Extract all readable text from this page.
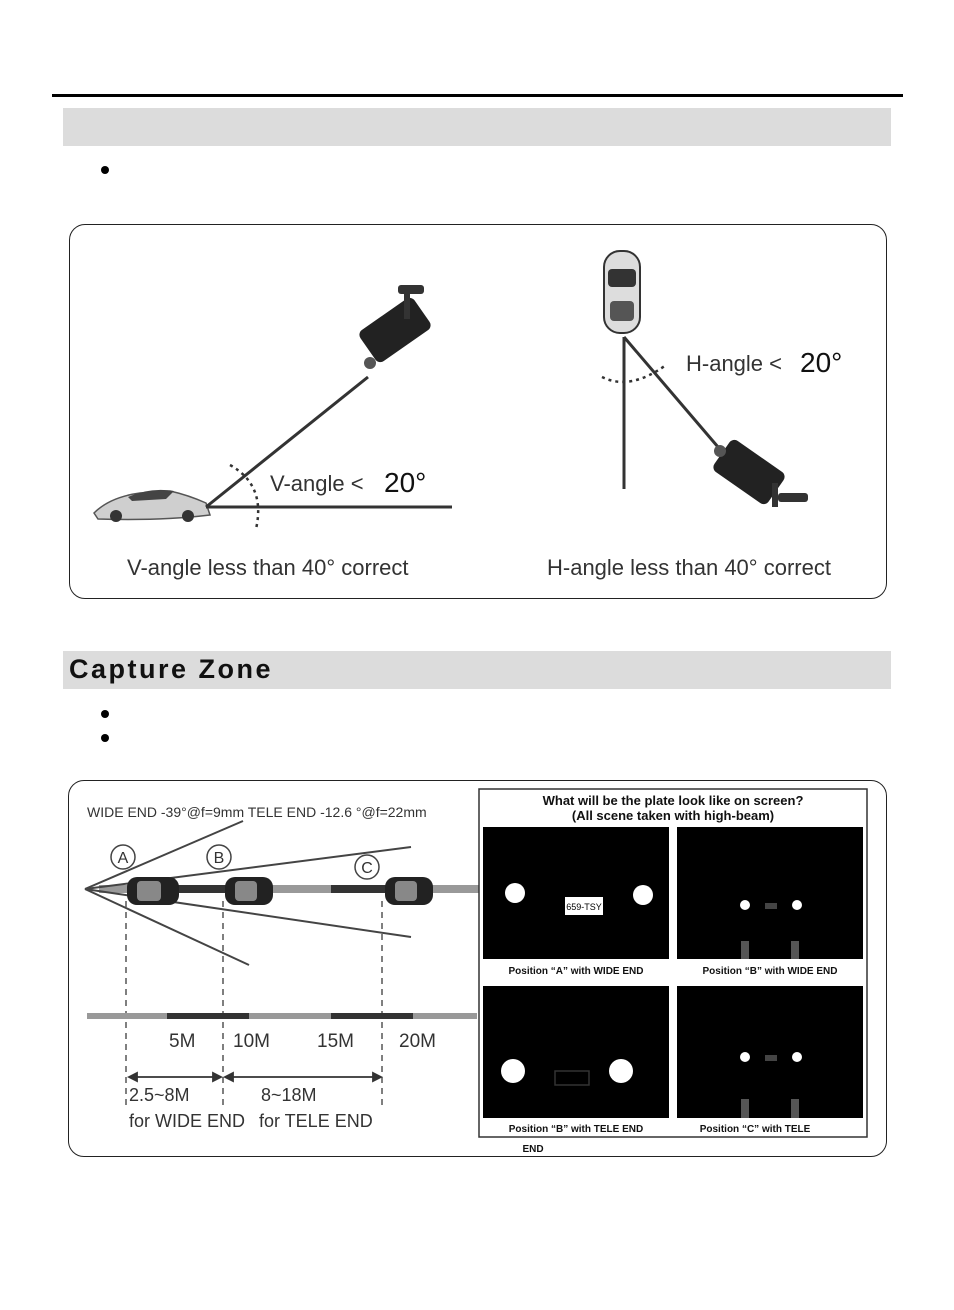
V-angle < 20°
V-angle less than 40° correct
H-angle < 20°
H-angle less than 40° correct
Capture Zone
WIDE END -39°@f=9mm TELE END -12.6 °@f=22mm
A	B
C
5M 10M 15M 20M
2.5~8M
for WIDE END
8~18M
for TELE END
What will be the plate look like on screen?
(All scene taken with high-beam)
659-TSY
Position “A” with WIDE END	Position “B” with WIDE END
Position “B” with TELE END	Position “C” with TELE
END
